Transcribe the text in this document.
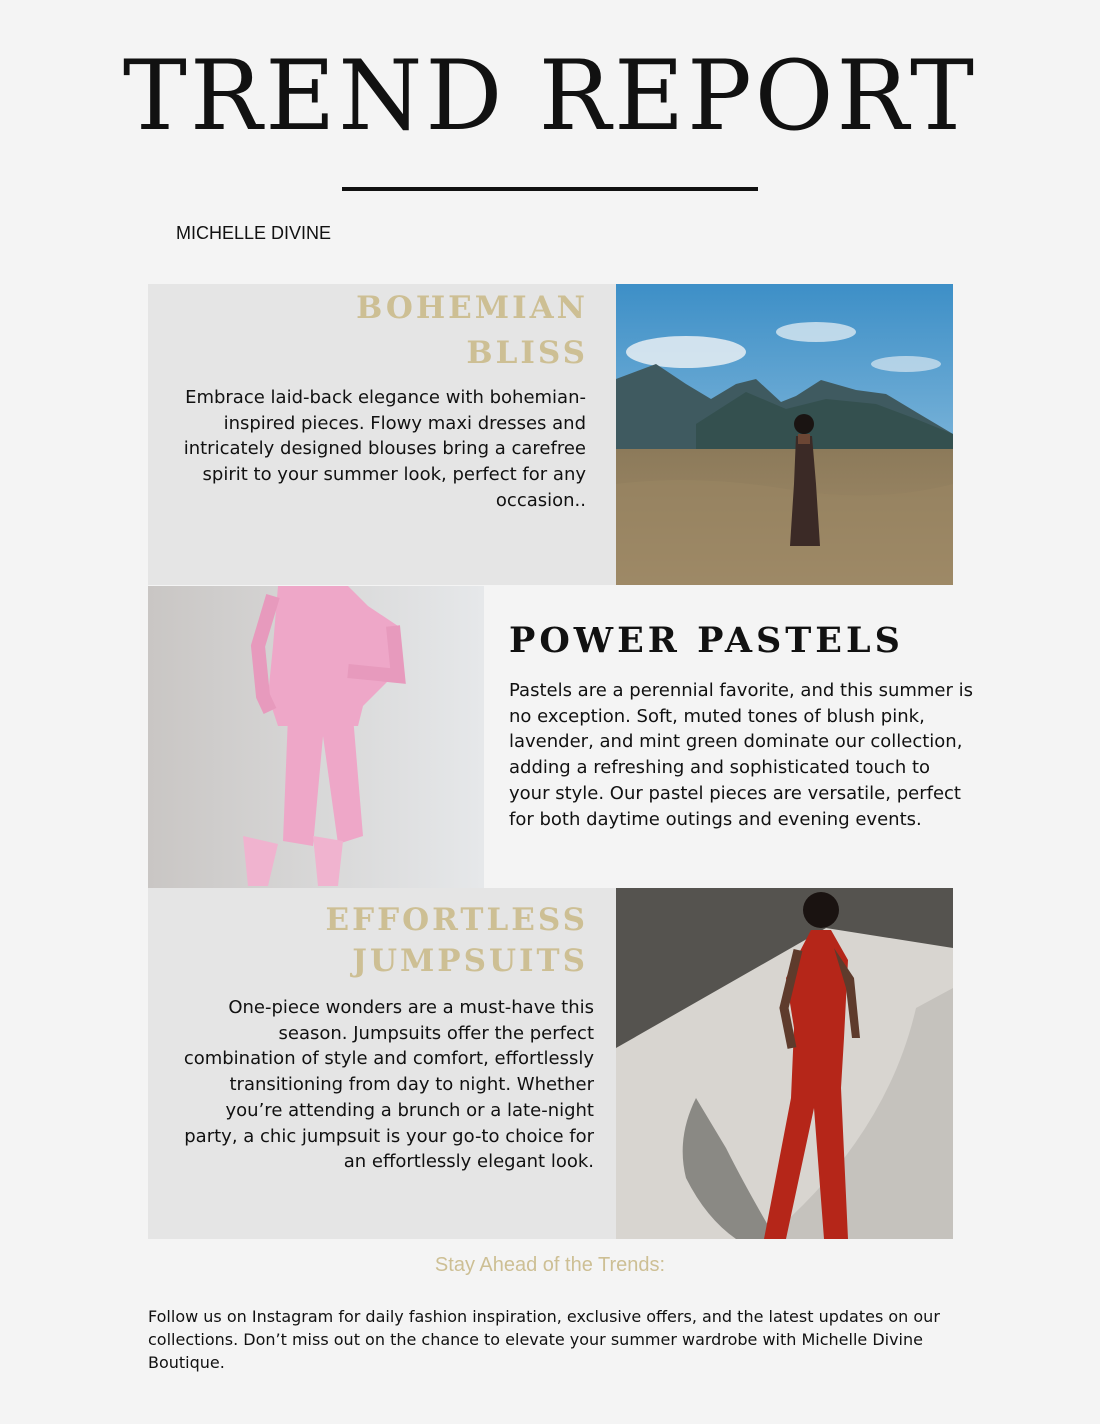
TREND REPORT
MICHELLE DIVINE
BOHEMIAN
BLISS
Embrace laid-back elegance with bohemian-inspired pieces. Flowy maxi dresses and intricately designed blouses bring a carefree spirit to your summer look, perfect for any occasion..
POWER PASTELS
Pastels are a perennial favorite, and this summer is no exception. Soft, muted tones of blush pink, lavender, and mint green dominate our collection, adding a refreshing and sophisticated touch to your style. Our pastel pieces are versatile, perfect for both daytime outings and evening events.
EFFORTLESS
JUMPSUITS
One-piece wonders are a must-have this season. Jumpsuits offer the perfect combination of style and comfort, effortlessly transitioning from day to night. Whether you’re attending a brunch or a late-night party, a chic jumpsuit is your go-to choice for an effortlessly elegant look.
Stay Ahead of the Trends:
Follow us on Instagram for daily fashion inspiration, exclusive offers, and the latest updates on our collections. Don’t miss out on the chance to elevate your summer wardrobe with Michelle Divine Boutique.
